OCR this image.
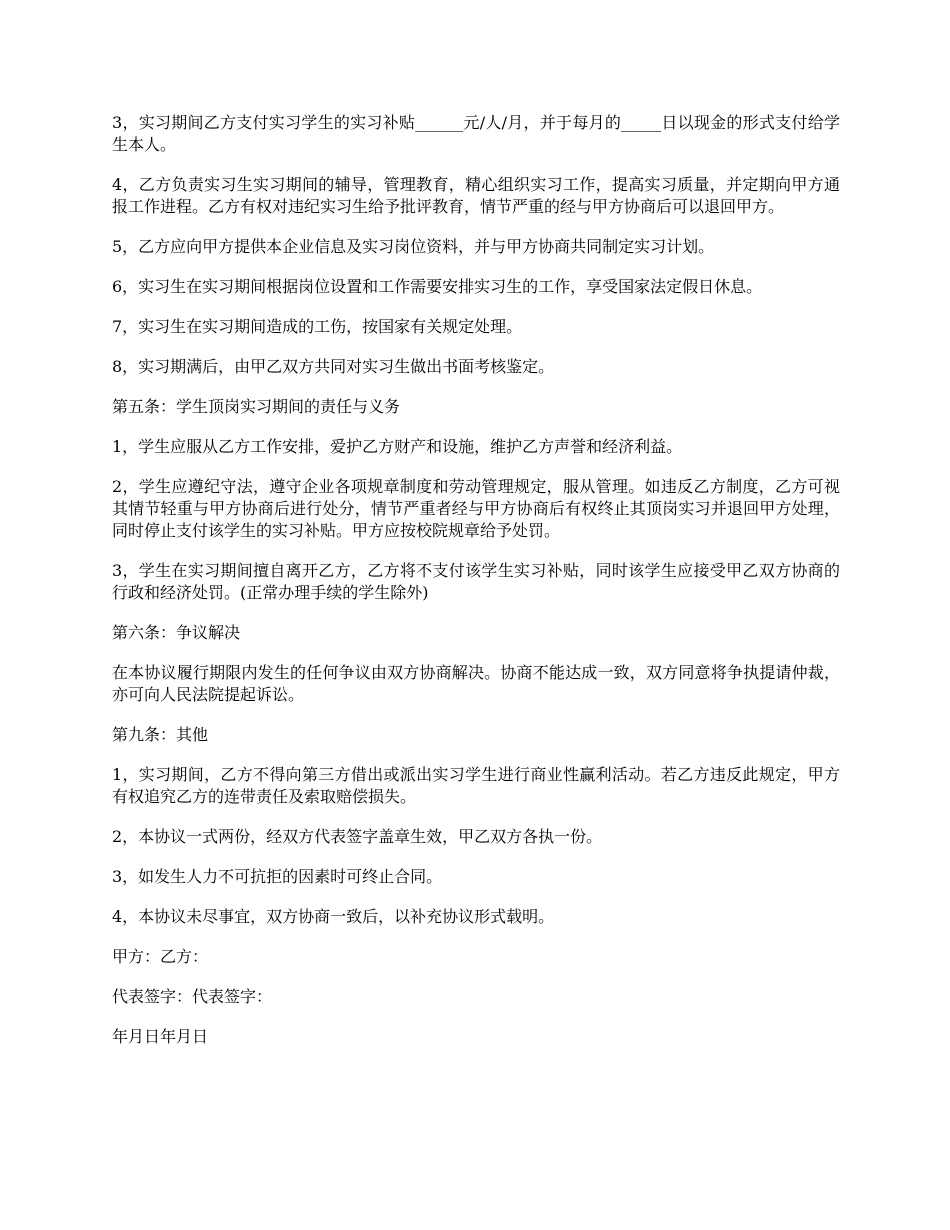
3，实习期间乙方支付实习学生的实习补贴______元/人/月，并于每月的_____日以现金的形式支付给学生本人。

4，乙方负责实习生实习期间的辅导，管理教育，精心组织实习工作，提高实习质量，并定期向甲方通报工作进程。乙方有权对违纪实习生给予批评教育，情节严重的经与甲方协商后可以退回甲方。

5，乙方应向甲方提供本企业信息及实习岗位资料，并与甲方协商共同制定实习计划。

6，实习生在实习期间根据岗位设置和工作需要安排实习生的工作，享受国家法定假日休息。

7，实习生在实习期间造成的工伤，按国家有关规定处理。

8，实习期满后，由甲乙双方共同对实习生做出书面考核鉴定。

第五条：学生顶岗实习期间的责任与义务

1，学生应服从乙方工作安排，爱护乙方财产和设施，维护乙方声誉和经济利益。

2，学生应遵纪守法，遵守企业各项规章制度和劳动管理规定，服从管理。如违反乙方制度，乙方可视其情节轻重与甲方协商后进行处分，情节严重者经与甲方协商后有权终止其顶岗实习并退回甲方处理，同时停止支付该学生的实习补贴。甲方应按校院规章给予处罚。

3，学生在实习期间擅自离开乙方，乙方将不支付该学生实习补贴，同时该学生应接受甲乙双方协商的行政和经济处罚。(正常办理手续的学生除外)

第六条：争议解决

在本协议履行期限内发生的任何争议由双方协商解决。协商不能达成一致，双方同意将争执提请仲裁，亦可向人民法院提起诉讼。

第九条：其他

1，实习期间，乙方不得向第三方借出或派出实习学生进行商业性赢利活动。若乙方违反此规定，甲方有权追究乙方的连带责任及索取赔偿损失。

2，本协议一式两份，经双方代表签字盖章生效，甲乙双方各执一份。

3，如发生人力不可抗拒的因素时可终止合同。

4，本协议未尽事宜，双方协商一致后，以补充协议形式载明。

甲方：乙方：

代表签字：代表签字：

年月日年月日
